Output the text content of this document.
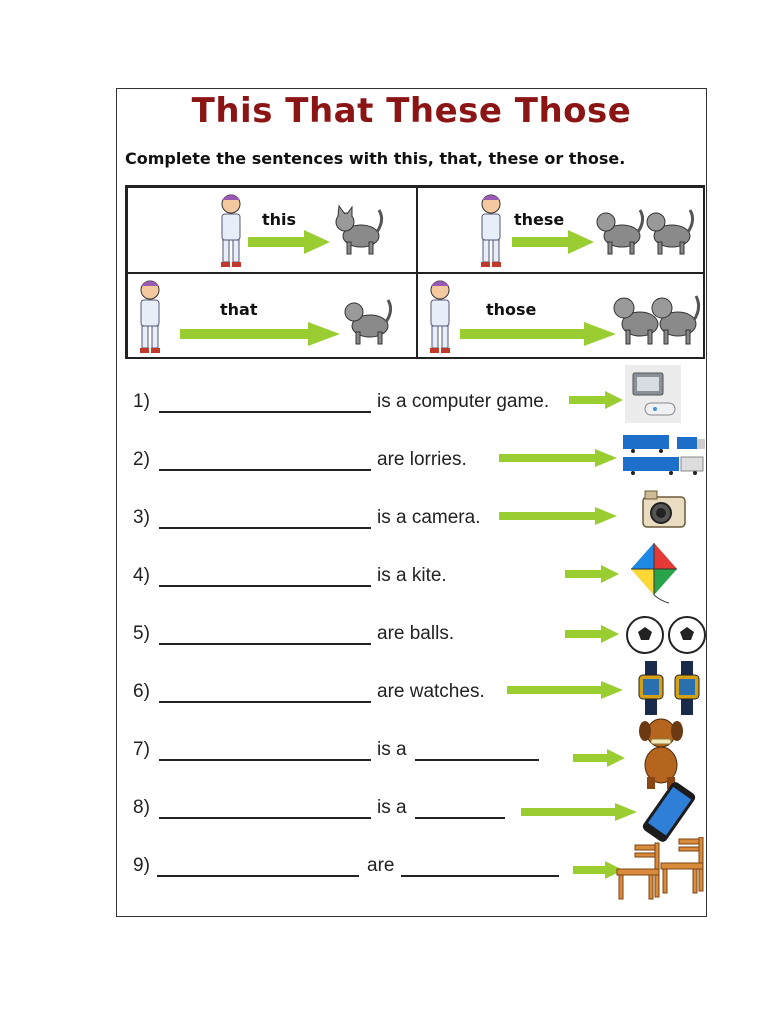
This That These Those
Complete the sentences with this, that, these or those.
this	these
that	those
1)	is a computer game.
2)	are lorries.
3)	is a camera.
4)	is a kite.
5)	are balls.
6)	are watches.
7)	is a
8)	is a
9)	are
